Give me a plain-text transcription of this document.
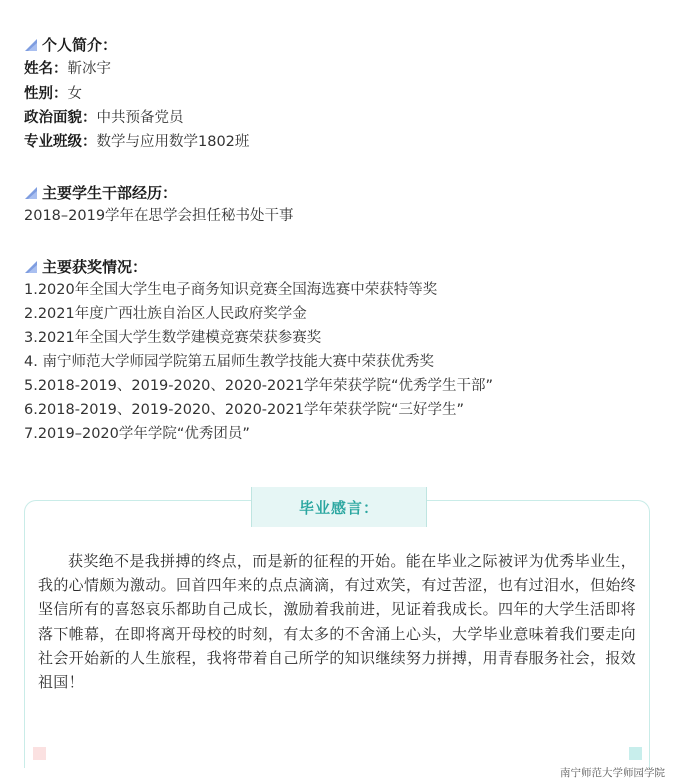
个人简介：
姓名：靳冰宇
性别：女
政治面貌：中共预备党员
专业班级：数学与应用数学1802班
主要学生干部经历：
2018–2019学年在思学会担任秘书处干事
主要获奖情况：
1.2020年全国大学生电子商务知识竞赛全国海选赛中荣获特等奖
2.2021年度广西壮族自治区人民政府奖学金
3.2021年全国大学生数学建模竞赛荣获参赛奖
4. 南宁师范大学师园学院第五届师生教学技能大赛中荣获优秀奖
5.2018-2019、2019-2020、2020-2021学年荣获学院“优秀学生干部”
6.2018-2019、2019-2020、2020-2021学年荣获学院“三好学生”
7.2019–2020学年学院“优秀团员”
毕业感言：
获奖绝不是我拼搏的终点，而是新的征程的开始。能在毕业之际被评为优秀毕业生，我的心情颇为激动。回首四年来的点点滴滴，有过欢笑，有过苦涩，也有过泪水，但始终坚信所有的喜怒哀乐都助自己成长，激励着我前进，见证着我成长。四年的大学生活即将落下帷幕，在即将离开母校的时刻，有太多的不舍涌上心头，大学毕业意味着我们要走向社会开始新的人生旅程，我将带着自己所学的知识继续努力拼搏，用青春服务社会，报效祖国！
南宁师范大学师园学院
